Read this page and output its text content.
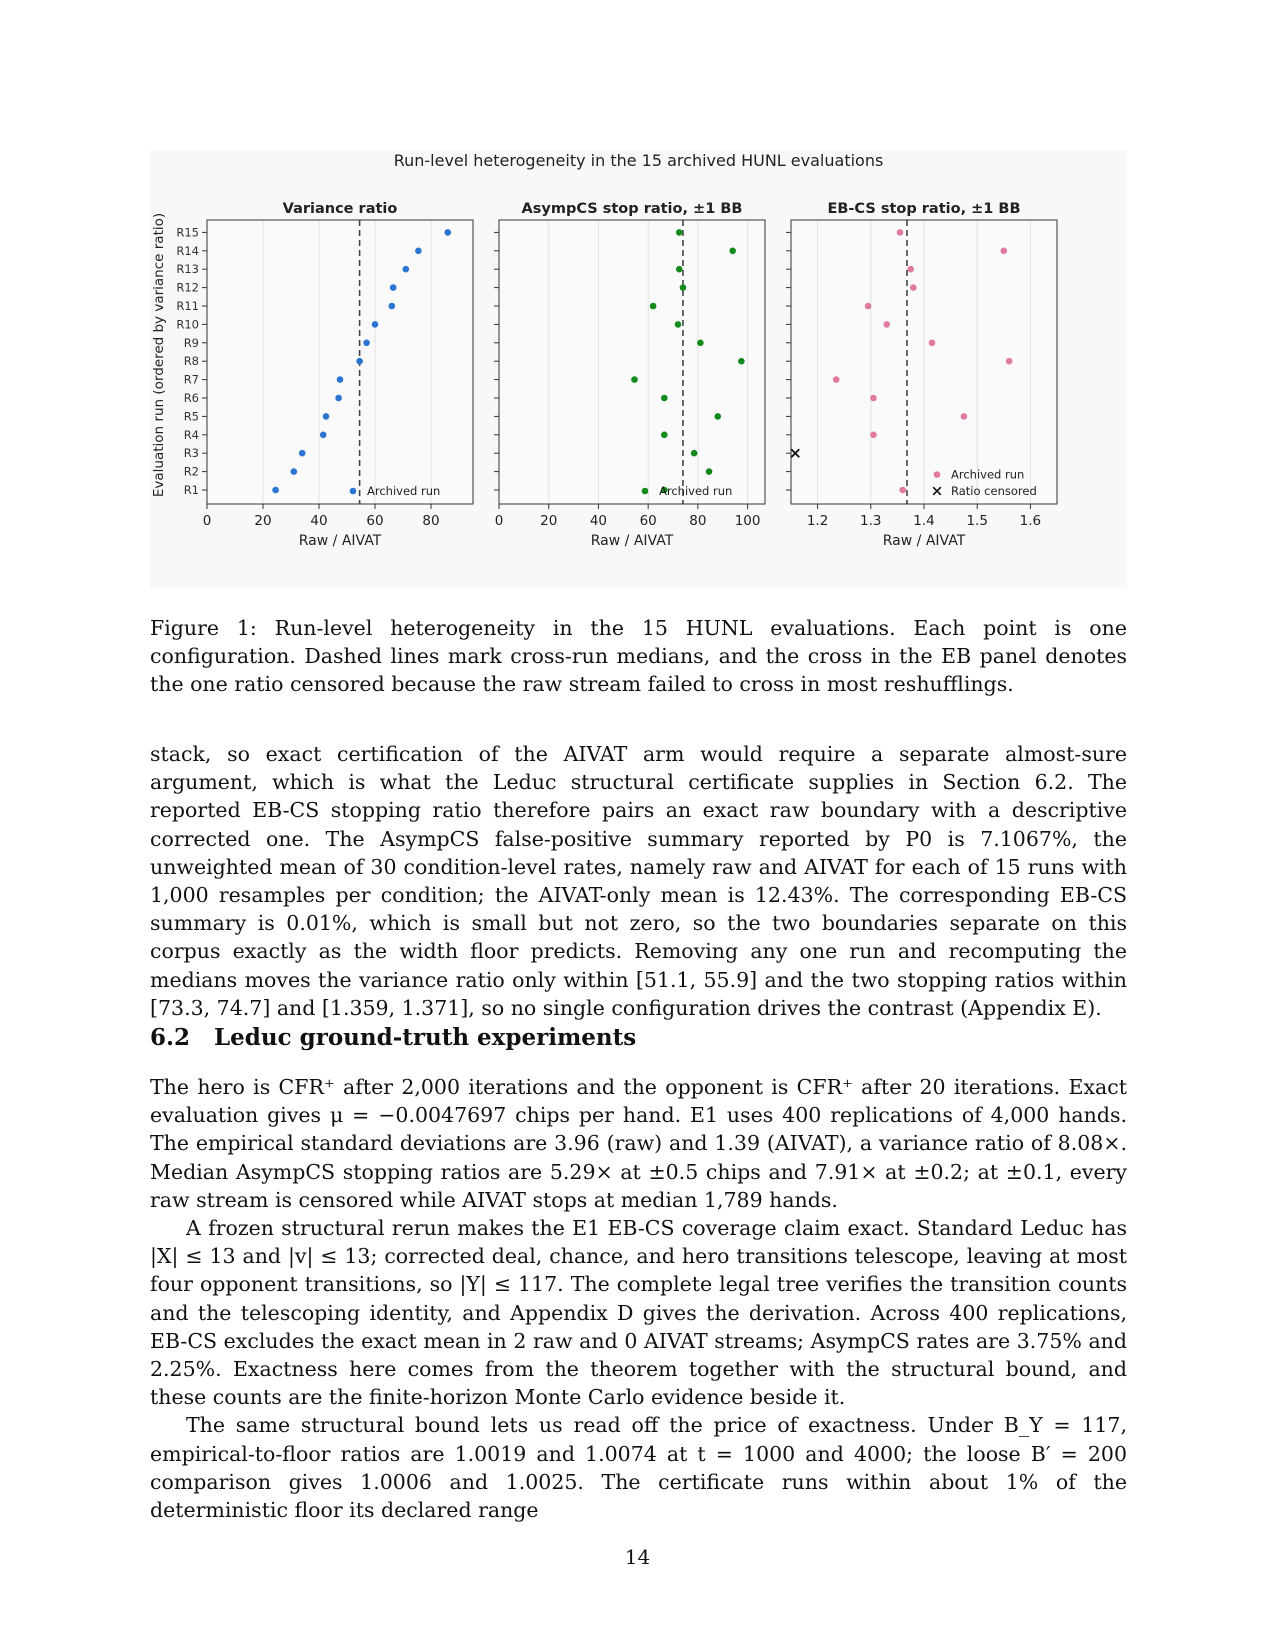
Run-level heterogeneity in the 15 archived HUNL evaluations
Evaluation run (ordered by variance ratio)
0	20	40	60	80
R1
R2
R3
R4
R5
R6
R7
R8
R9
R10
R11
R12
R13
R14
R15
Variance ratio
Raw / AIVAT
Archived run
0	20 40 60 80 100
AsympCS stop ratio, ±1 BB
Raw / AIVAT
Archived run
1.2 1.3 1.4 1.5 1.6
EB-CS stop ratio, ±1 BB
Raw / AIVAT
Archived run
Ratio censored
Figure 1: Run-level heterogeneity in the 15 HUNL evaluations. Each point is one configuration. Dashed lines mark cross-run medians, and the cross in the EB panel denotes the one ratio censored because the raw stream failed to cross in most reshufflings.

stack, so exact certification of the AIVAT arm would require a separate almost-sure argument, which is what the Leduc structural certificate supplies in Section 6.2. The reported EB-CS stopping ratio therefore pairs an exact raw boundary with a descriptive corrected one. The AsympCS false-positive summary reported by P0 is 7.1067%, the unweighted mean of 30 condition-level rates, namely raw and AIVAT for each of 15 runs with 1,000 resamples per condition; the AIVAT-only mean is 12.43%. The corresponding EB-CS summary is 0.01%, which is small but not zero, so the two boundaries separate on this corpus exactly as the width floor predicts. Removing any one run and recomputing the medians moves the variance ratio only within [51.1, 55.9] and the two stopping ratios within [73.3, 74.7] and [1.359, 1.371], so no single configuration drives the contrast (Appendix E).

6.2 Leduc ground-truth experiments

The hero is CFR⁺ after 2,000 iterations and the opponent is CFR⁺ after 20 iterations. Exact evaluation gives μ = −0.0047697 chips per hand. E1 uses 400 replications of 4,000 hands. The empirical standard deviations are 3.96 (raw) and 1.39 (AIVAT), a variance ratio of 8.08×. Median AsympCS stopping ratios are 5.29× at ±0.5 chips and 7.91× at ±0.2; at ±0.1, every raw stream is censored while AIVAT stops at median 1,789 hands.

A frozen structural rerun makes the E1 EB-CS coverage claim exact. Standard Leduc has |X| ≤ 13 and |v| ≤ 13; corrected deal, chance, and hero transitions telescope, leaving at most four opponent transitions, so |Y| ≤ 117. The complete legal tree verifies the transition counts and the telescoping identity, and Appendix D gives the derivation. Across 400 replications, EB-CS excludes the exact mean in 2 raw and 0 AIVAT streams; AsympCS rates are 3.75% and 2.25%. Exactness here comes from the theorem together with the structural bound, and these counts are the finite-horizon Monte Carlo evidence beside it.

The same structural bound lets us read off the price of exactness. Under B_Y = 117, empirical-to-floor ratios are 1.0019 and 1.0074 at t = 1000 and 4000; the loose B′ = 200 comparison gives 1.0006 and 1.0025. The certificate runs within about 1% of the deterministic floor its declared range

14
